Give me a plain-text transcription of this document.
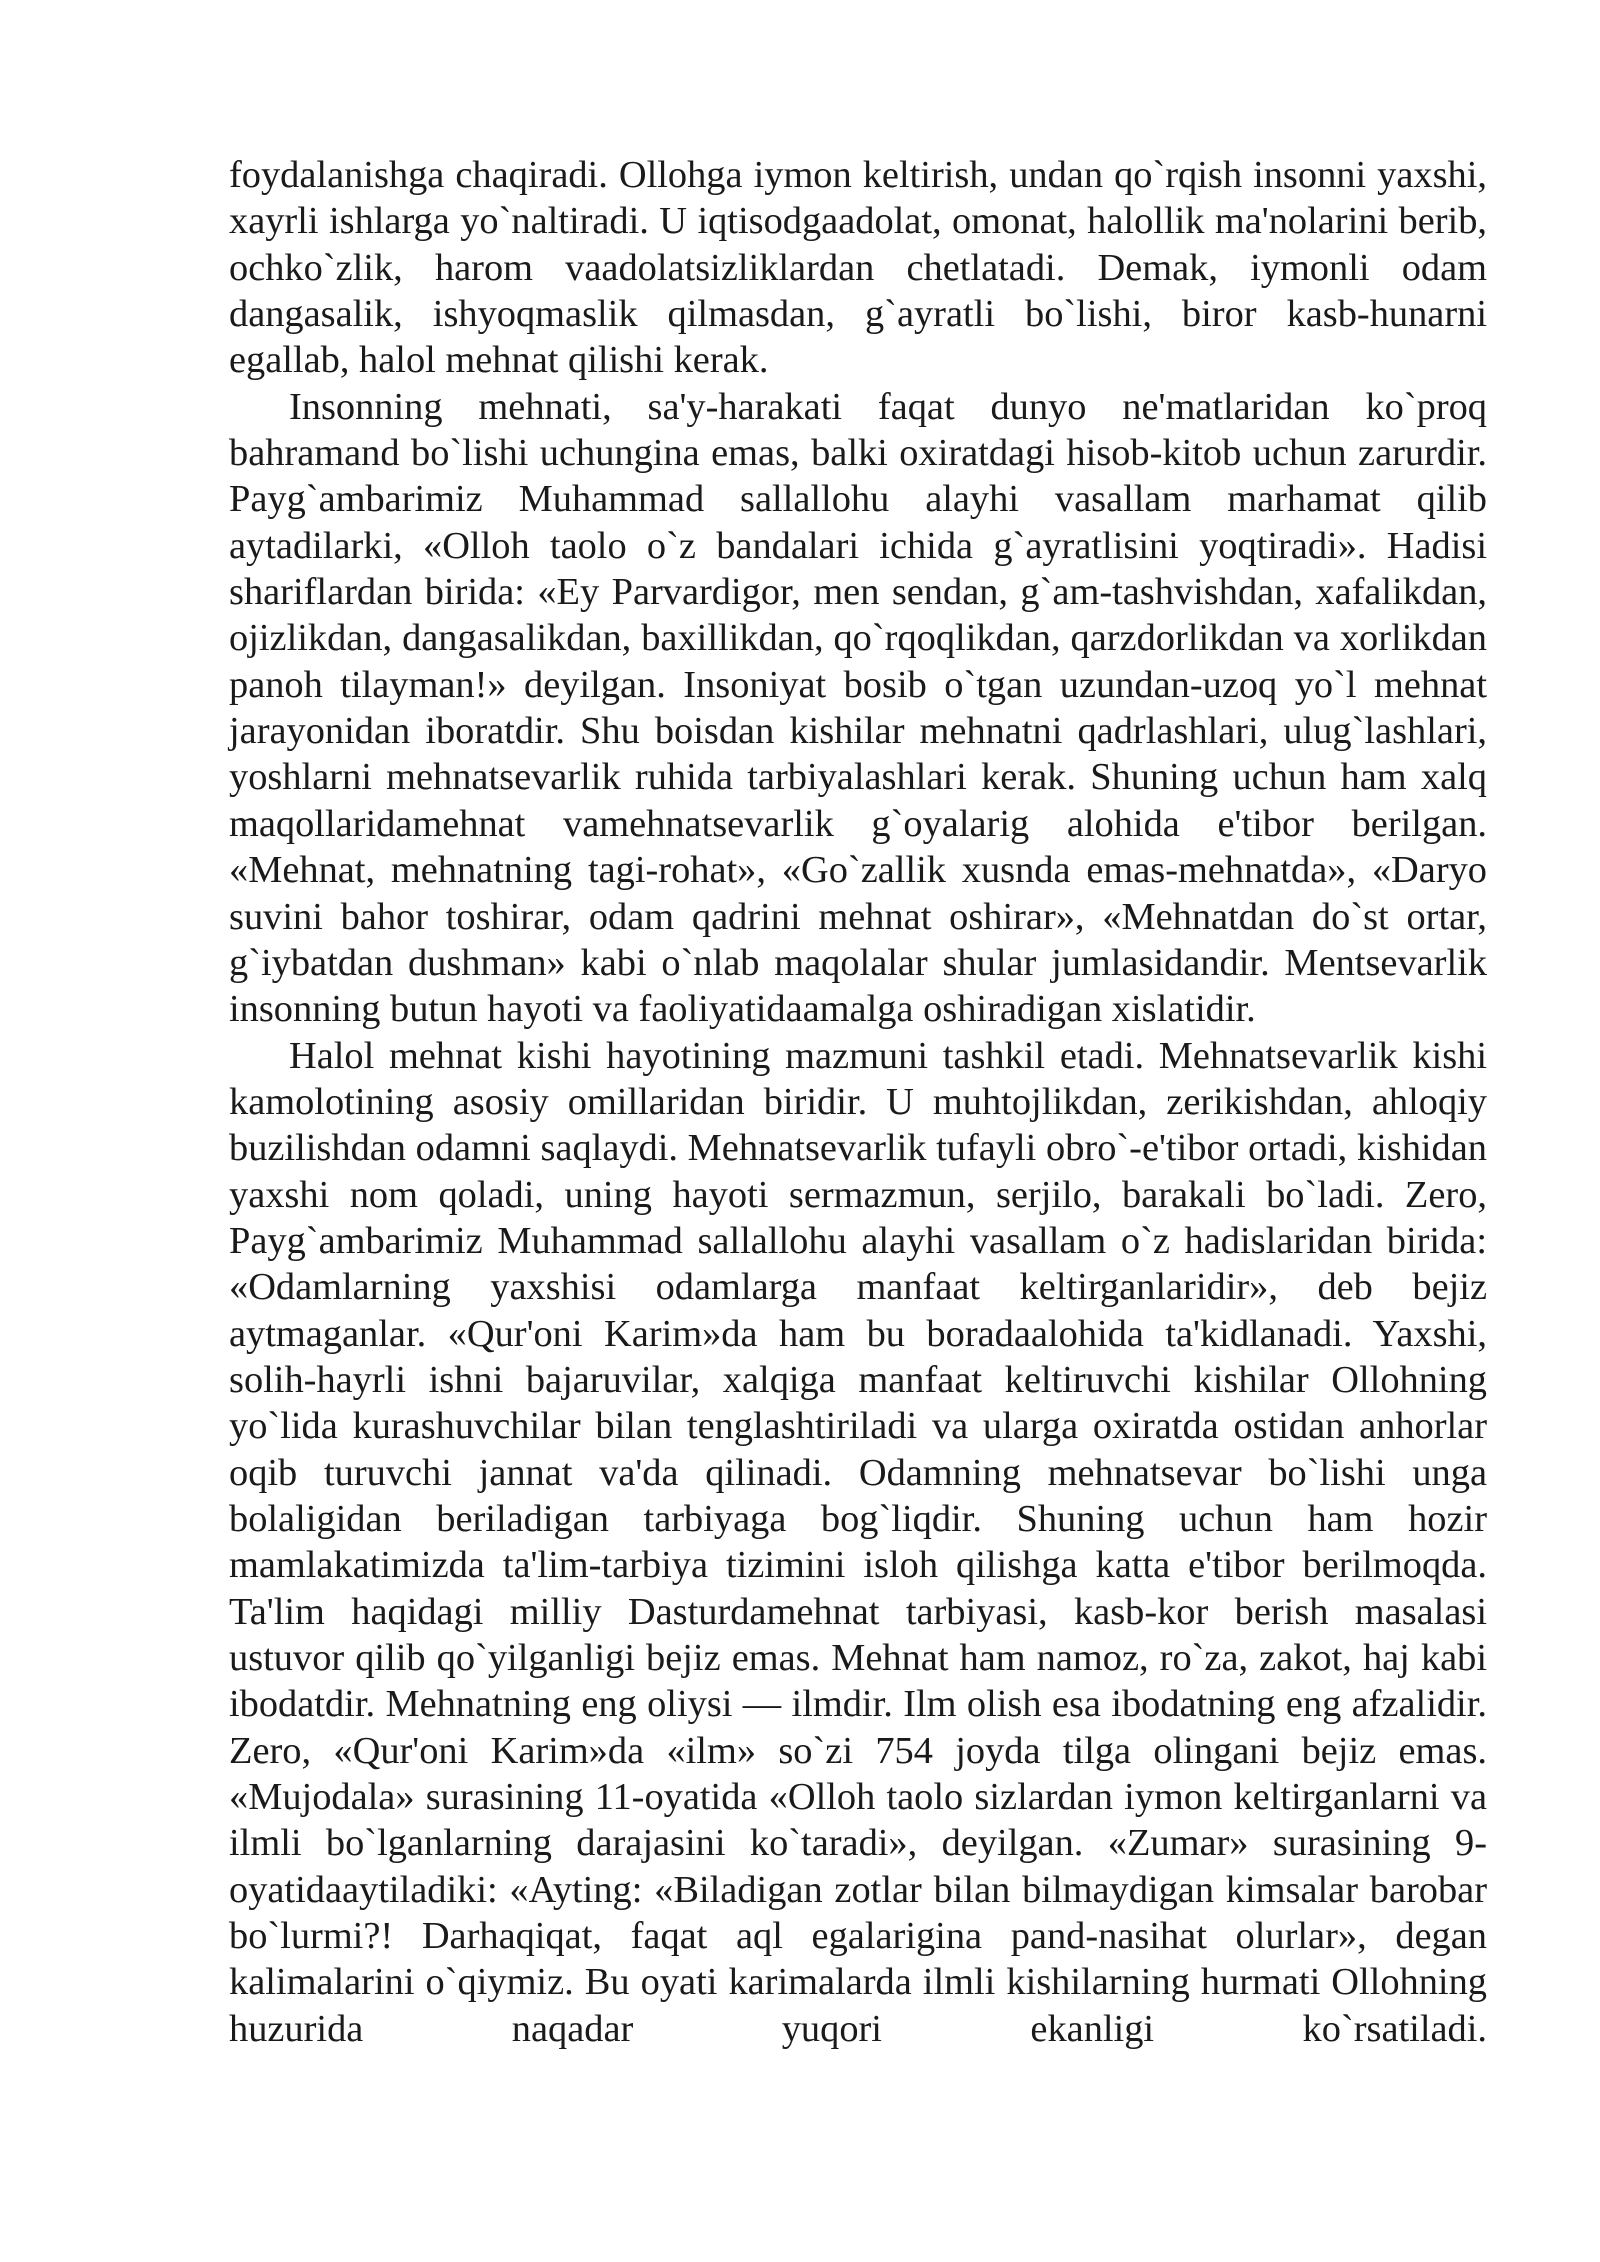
foydalanishga chaqiradi. Ollohga iymon keltirish, undan qo`rqish insonni yaxshi, xayrli ishlarga yo`naltiradi. U iqtisodgaadolat, omonat, halollik ma'nolarini berib, ochko`zlik, harom vaadolatsizliklardan chetlatadi. Demak, iymonli odam dangasalik, ishyoqmaslik qilmasdan, g`ayratli bo`lishi, biror kasb-hunarni egallab, halol mehnat qilishi kerak.

Insonning mehnati, sa'y-harakati faqat dunyo ne'matlaridan ko`proq bahramand bo`lishi uchungina emas, balki oxiratdagi hisob-kitob uchun zarurdir. Payg`ambarimiz Muhammad sallallohu alayhi vasallam marhamat qilib aytadilarki, «Olloh taolo o`z bandalari ichida g`ayratlisini yoqtiradi». Hadisi shariflardan birida: «Ey Parvardigor, men sendan, g`am-tashvishdan, xafalikdan, ojizlikdan, dangasalikdan, baxillikdan, qo`rqoqlikdan, qarzdorlikdan va xorlikdan panoh tilayman!» deyilgan. Insoniyat bosib o`tgan uzundan-uzoq yo`l mehnat jarayonidan iboratdir. Shu boisdan kishilar mehnatni qadrlashlari, ulug`lashlari, yoshlarni mehnatsevarlik ruhida tarbiyalashlari kerak. Shuning uchun ham xalq maqollaridamehnat vamehnatsevarlik g`oyalarig alohida e'tibor berilgan. «Mehnat, mehnatning tagi-rohat», «Go`zallik xusnda emas-mehnatda», «Daryo suvini bahor toshirar, odam qadrini mehnat oshirar», «Mehnatdan do`st ortar, g`iybatdan dushman» kabi o`nlab maqolalar shular jumlasidandir. Mentsevarlik insonning butun hayoti va faoliyatidaamalga oshiradigan xislatidir.

Halol mehnat kishi hayotining mazmuni tashkil etadi. Mehnatsevarlik kishi kamolotining asosiy omillaridan biridir. U muhtojlikdan, zerikishdan, ahloqiy buzilishdan odamni saqlaydi. Mehnatsevarlik tufayli obro`-e'tibor ortadi, kishidan yaxshi nom qoladi, uning hayoti sermazmun, serjilo, barakali bo`ladi. Zero, Payg`ambarimiz Muhammad sallallohu alayhi vasallam o`z hadislaridan birida: «Odamlarning yaxshisi odamlarga manfaat keltirganlaridir», deb bejiz aytmaganlar. «Qur'oni Karim»da ham bu boradaalohida ta'kidlanadi. Yaxshi, solih-hayrli ishni bajaruvilar, xalqiga manfaat keltiruvchi kishilar Ollohning yo`lida kurashuvchilar bilan tenglashtiriladi va ularga oxiratda ostidan anhorlar oqib turuvchi jannat va'da qilinadi. Odamning mehnatsevar bo`lishi unga bolaligidan beriladigan tarbiyaga bog`liqdir. Shuning uchun ham hozir mamlakatimizda ta'lim-tarbiya tizimini isloh qilishga katta e'tibor berilmoqda. Ta'lim haqidagi milliy Dasturdamehnat tarbiyasi, kasb-kor berish masalasi ustuvor qilib qo`yilganligi bejiz emas. Mehnat ham namoz, ro`za, zakot, haj kabi ibodatdir. Mehnatning eng oliysi — ilmdir. Ilm olish esa ibodatning eng afzalidir. Zero, «Qur'oni Karim»da «ilm» so`zi 754 joyda tilga olingani bejiz emas. «Mujodala» surasining 11-oyatida «Olloh taolo sizlardan iymon keltirganlarni va ilmli bo`lganlarning darajasini ko`taradi», deyilgan. «Zumar» surasining 9- oyatidaaytiladiki: «Ayting: «Biladigan zotlar bilan bilmaydigan kimsalar barobar bo`lurmi?! Darhaqiqat, faqat aql egalarigina pand-nasihat olurlar», degan kalimalarini o`qiymiz. Bu oyati karimalarda ilmli kishilarning hurmati Ollohning huzurida naqadar yuqori ekanligi ko`rsatiladi.
